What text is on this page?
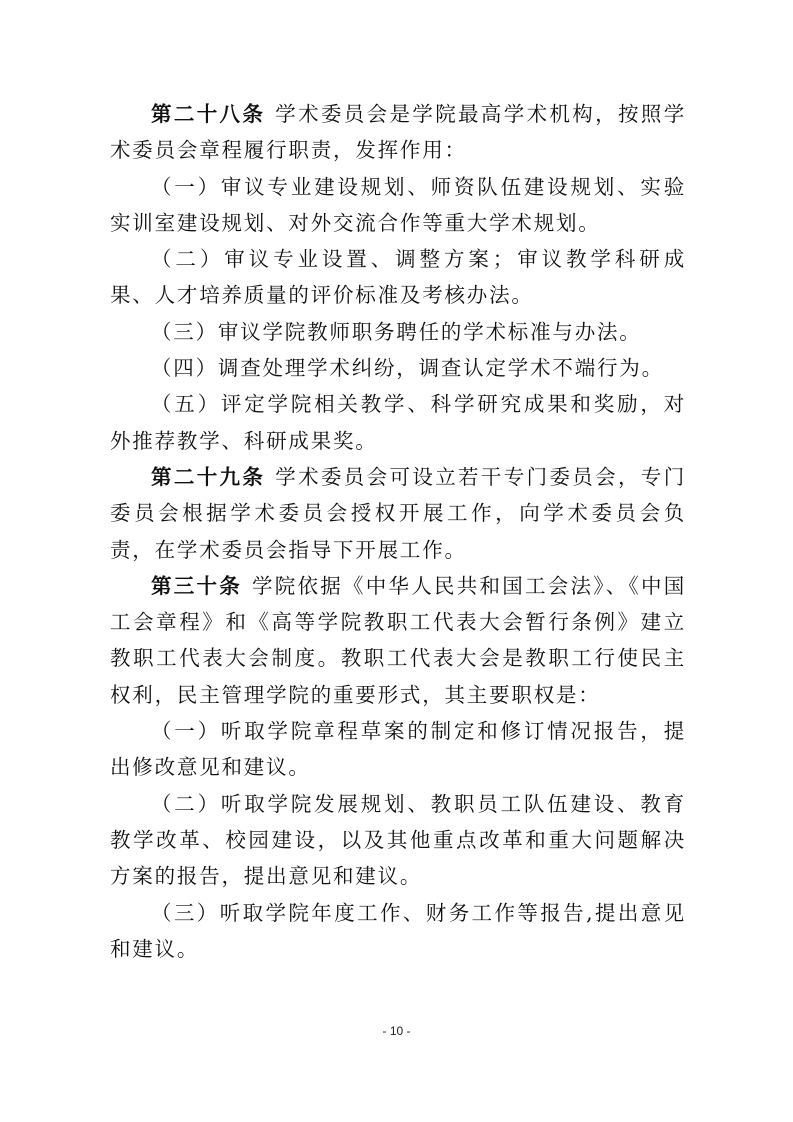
第二十八条 学术委员会是学院最高学术机构，按照学术委员会章程履行职责，发挥作用：

（一）审议专业建设规划、师资队伍建设规划、实验实训室建设规划、对外交流合作等重大学术规划。

（二）审议专业设置、调整方案；审议教学科研成果、人才培养质量的评价标准及考核办法。

（三）审议学院教师职务聘任的学术标准与办法。

（四）调查处理学术纠纷，调查认定学术不端行为。

（五）评定学院相关教学、科学研究成果和奖励，对外推荐教学、科研成果奖。

第二十九条 学术委员会可设立若干专门委员会，专门委员会根据学术委员会授权开展工作，向学术委员会负责，在学术委员会指导下开展工作。

第三十条 学院依据《中华人民共和国工会法》、《中国工会章程》和《高等学院教职工代表大会暂行条例》建立教职工代表大会制度。教职工代表大会是教职工行使民主权利，民主管理学院的重要形式，其主要职权是：

（一）听取学院章程草案的制定和修订情况报告，提出修改意见和建议。

（二）听取学院发展规划、教职员工队伍建设、教育教学改革、校园建设，以及其他重点改革和重大问题解决方案的报告，提出意见和建议。

（三）听取学院年度工作、财务工作等报告,提出意见和建议。

- 10 -
